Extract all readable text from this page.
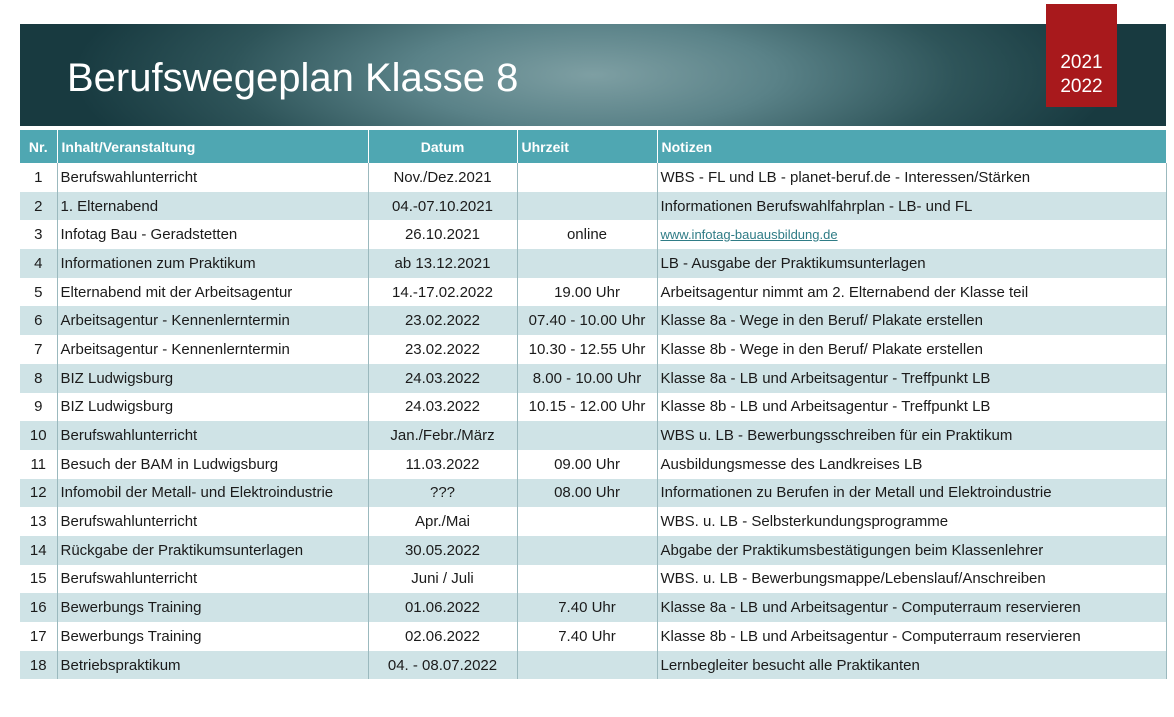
Berufswegeplan Klasse 8	2021
2022
Nr.	Inhalt/Veranstaltung	Datum	Uhrzeit	Notizen
1	Berufswahlunterricht	Nov./Dez.2021		WBS - FL und LB - planet-beruf.de - Interessen/Stärken
2	1. Elternabend	04.-07.10.2021		Informationen Berufswahlfahrplan - LB- und FL
3	Infotag Bau - Geradstetten	26.10.2021	online	www.infotag-bauausbildung.de
4	Informationen zum Praktikum	ab 13.12.2021		LB - Ausgabe der Praktikumsunterlagen
5	Elternabend mit der Arbeitsagentur	14.-17.02.2022	19.00 Uhr	Arbeitsagentur nimmt am 2. Elternabend der Klasse teil
6	Arbeitsagentur - Kennenlerntermin	23.02.2022	07.40 - 10.00 Uhr	Klasse 8a - Wege in den Beruf/ Plakate erstellen
7	Arbeitsagentur - Kennenlerntermin	23.02.2022	10.30 - 12.55 Uhr	Klasse 8b - Wege in den Beruf/ Plakate erstellen
8	BIZ Ludwigsburg	24.03.2022	8.00 - 10.00 Uhr	Klasse 8a - LB und Arbeitsagentur - Treffpunkt LB
9	BIZ Ludwigsburg	24.03.2022	10.15 - 12.00 Uhr	Klasse 8b - LB und Arbeitsagentur - Treffpunkt LB
10	Berufswahlunterricht	Jan./Febr./März		WBS u. LB - Bewerbungsschreiben für ein Praktikum
11	Besuch der BAM in Ludwigsburg	11.03.2022	09.00 Uhr	Ausbildungsmesse des Landkreises LB
12	Infomobil der Metall- und Elektroindustrie	???	08.00 Uhr	Informationen zu Berufen in der Metall und Elektroindustrie
13	Berufswahlunterricht	Apr./Mai		WBS. u. LB - Selbsterkundungsprogramme
14	Rückgabe der Praktikumsunterlagen	30.05.2022		Abgabe der Praktikumsbestätigungen beim Klassenlehrer
15	Berufswahlunterricht	Juni / Juli		WBS. u. LB - Bewerbungsmappe/Lebenslauf/Anschreiben
16	Bewerbungs Training	01.06.2022	7.40 Uhr	Klasse 8a - LB und Arbeitsagentur - Computerraum reservieren
17	Bewerbungs Training	02.06.2022	7.40 Uhr	Klasse 8b - LB und Arbeitsagentur - Computerraum reservieren
18	Betriebspraktikum	04. - 08.07.2022		Lernbegleiter besucht alle Praktikanten
